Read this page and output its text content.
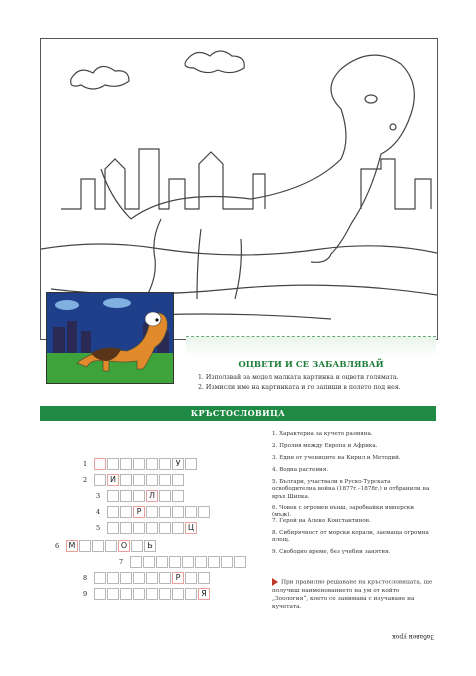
ОЦВЕТИ И СЕ ЗАБАВЛЯВАЙ
1. Използвай за модел малката картинка и оцвети голямата.
2. Измисли име на картинката и го запиши в полето под нея.
КРЪСТОСЛОВИЦА
1	У
2	И
3	Л
4	Р
5	Ц
6	М	О	Ь
7
8	Р
9	Я
1. Характерна за кучето размяна.
2. Пролив между Европа и Африка.
3. Един от учениците на Кирил и Методий.
4. Водна растения.
5. Българи, участвали в Руско-Турската освободителна война (1877г.–1878г.) и отбранили на връх Шипка.
6. Човек с огромен външ, заробвайки имперски (мъж).
7. Герой на Алеко Константинов.
8. Сибирячност от морски корали, заемаща огромна площ.
9. Свободно време, без учебни занятия.
При правилно решаване на кръстословицата, ще получиш наименованието на ум от който „Зоология“, което се занимава с изучаване на кучетата.
Забавен урок
